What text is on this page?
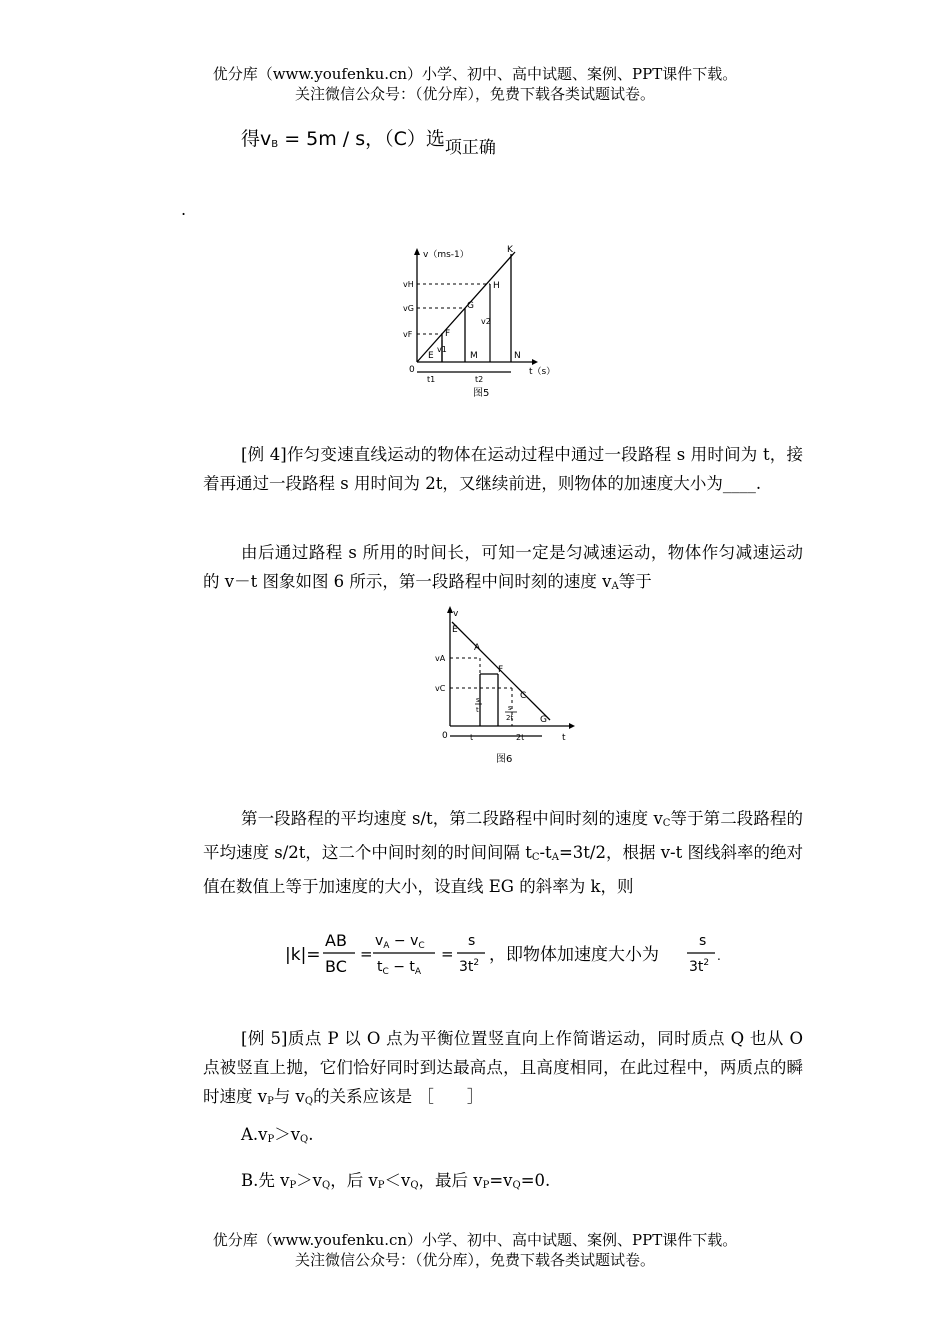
优分库（www.youfenku.cn）小学、初中、高中试题、案例、PPT课件下载。
关注微信公众号：（优分库），免费下载各类试题试卷。
得$v_B = 5m / s$，（C）选项正确
.
v（ms-1）	K
H
G
F
E	M	N
vH
vG
vF
v1
v2
0
t1	t2
t（s）
图5
[例 4]作匀变速直线运动的物体在运动过程中通过一段路程 s 用时间为 t，接着再通过一段路程 s 用时间为 2t，又继续前进，则物体的加速度大小为____.
由后通过路程 s 所用的时间长，可知一定是匀减速运动，物体作匀减速运动的 v－t 图象如图 6 所示，第一段路程中间时刻的速度 $v_A$等于
v
E
A
F
C
G
vA
vC
s
t	s
2t
0	t	2t	t
图6
第一段路程的平均速度 s/t，第二段路程中间时刻的速度 $v_C$等于第二段路程的平均速度 s/2t，这二个中间时刻的时间间隔 $t_C-t_A=3t/2$，根据 v-t 图线斜率的绝对值在数值上等于加速度的大小，设直线 EG 的斜率为 k，则
|k|=
AB
BC
=
$v_A - v_C$
$t_C - t_A$
=
s
$3t^2$ ，即物体加速度大小为
s
$3t^2$ .
[例 5]质点 P 以 O 点为平衡位置竖直向上作简谐运动，同时质点 Q 也从 O 点被竖直上抛，它们恰好同时到达最高点，且高度相同，在此过程中，两质点的瞬时速度 $v_P$与 $v_Q$的关系应该是 ［　　］
$A.v_P>v_Q$.
B.先 $v_P>v_Q$，后 $v_P<v_Q$，最后 $v_P=v_Q=0$.
优分库（www.youfenku.cn）小学、初中、高中试题、案例、PPT课件下载。
关注微信公众号：（优分库），免费下载各类试题试卷。
